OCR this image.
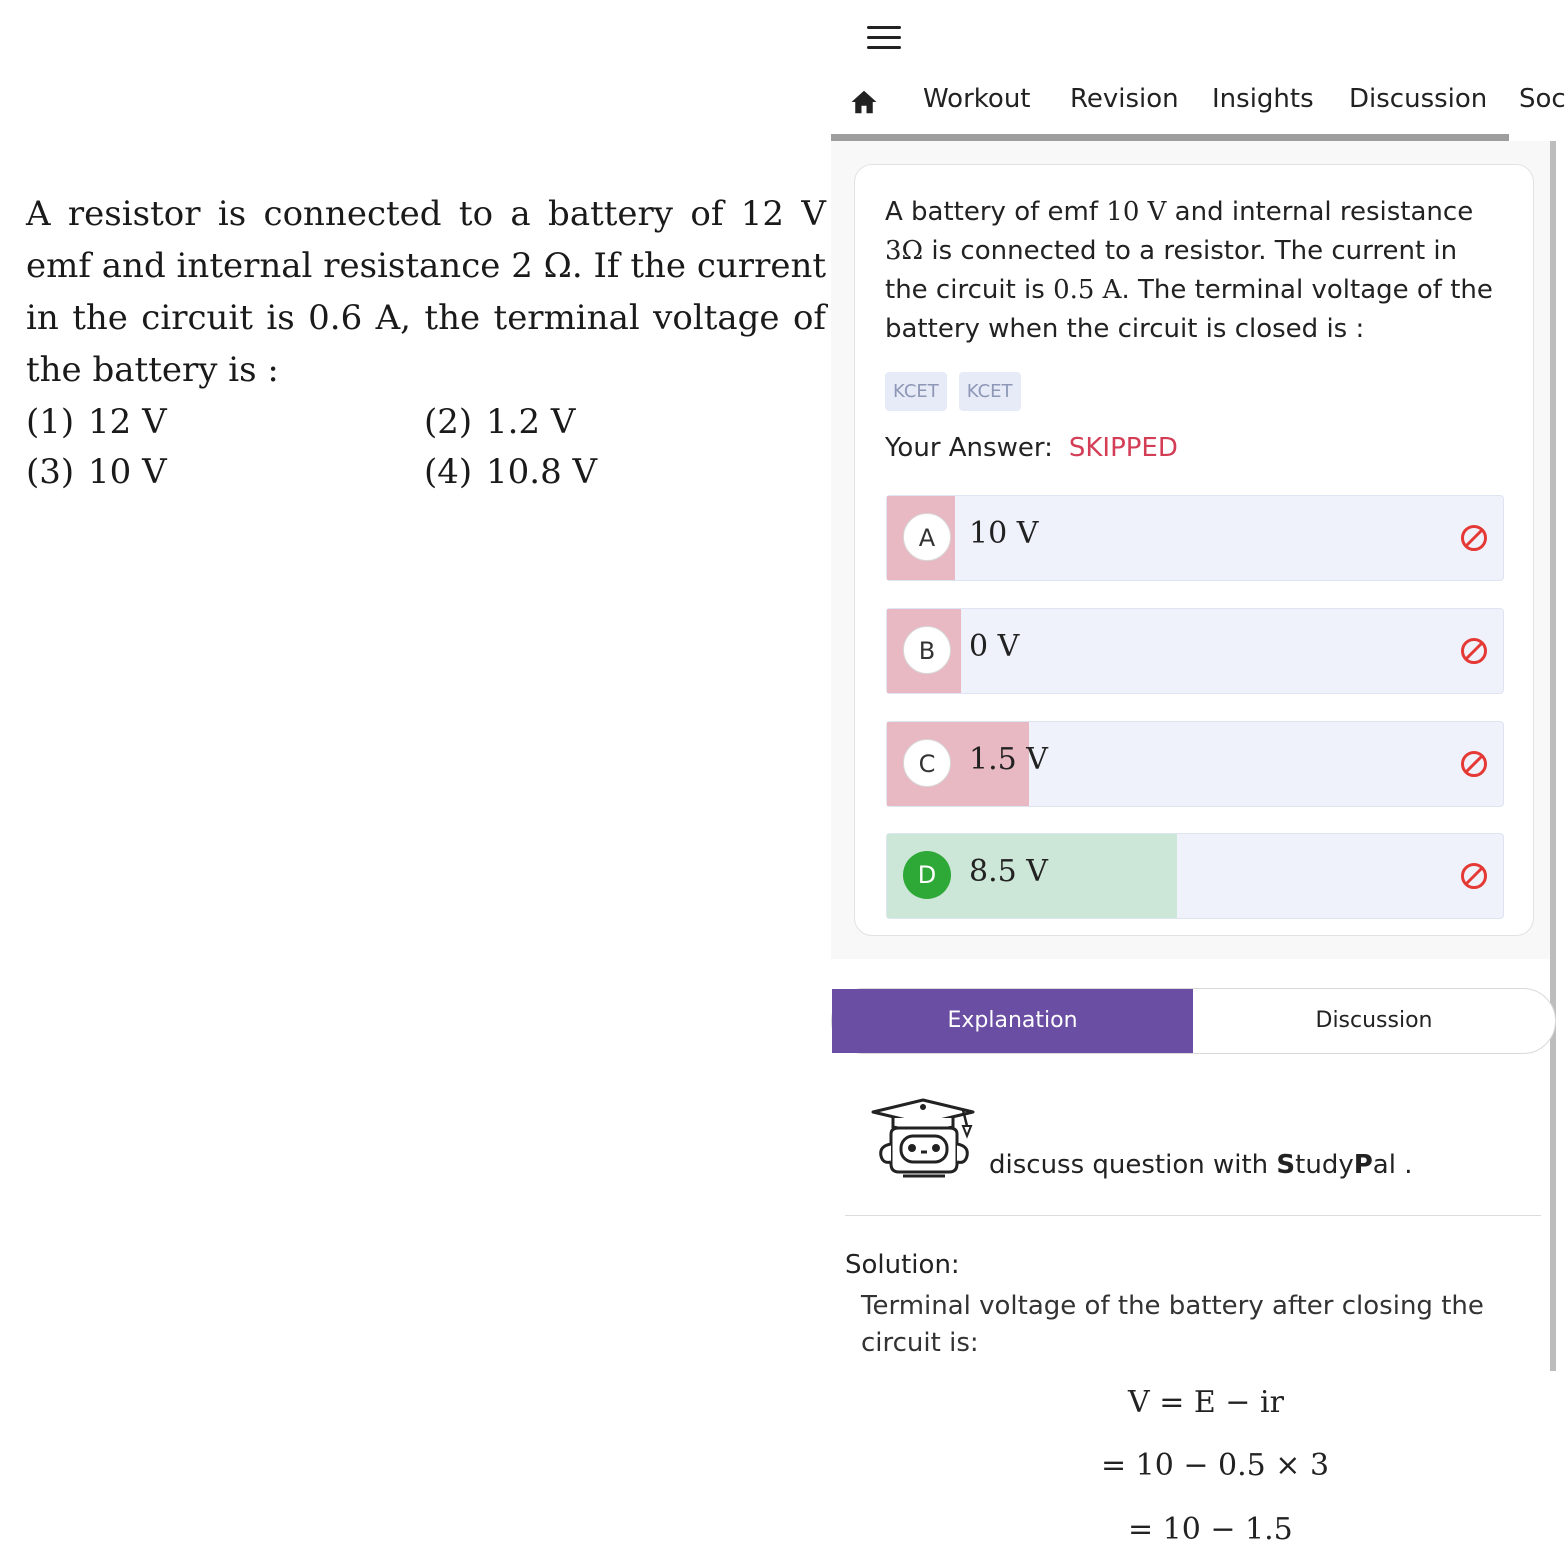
A resistor is connected to a battery of 12 V emf and internal resistance 2 Ω. If the current in the circuit is 0.6 A, the terminal voltage of the battery is :
(1) 12 V	(2) 1.2 V
(3) 10 V	(4) 10.8 V
Workout Revision Insights Discussion Soc
A battery of emf 10 V and internal resistance 3Ω is connected to a resistor. The current in the circuit is 0.5 A. The terminal voltage of the battery when the circuit is closed is :
KCET KCET
Your Answer: SKIPPED
A	10 V
B	0 V
C	1.5 V
D	8.5 V
Explanation	Discussion
discuss question with StudyPal .
Solution:
Terminal voltage of the battery after closing the circuit is:
V = E − ir
= 10 − 0.5 × 3
= 10 − 1.5
